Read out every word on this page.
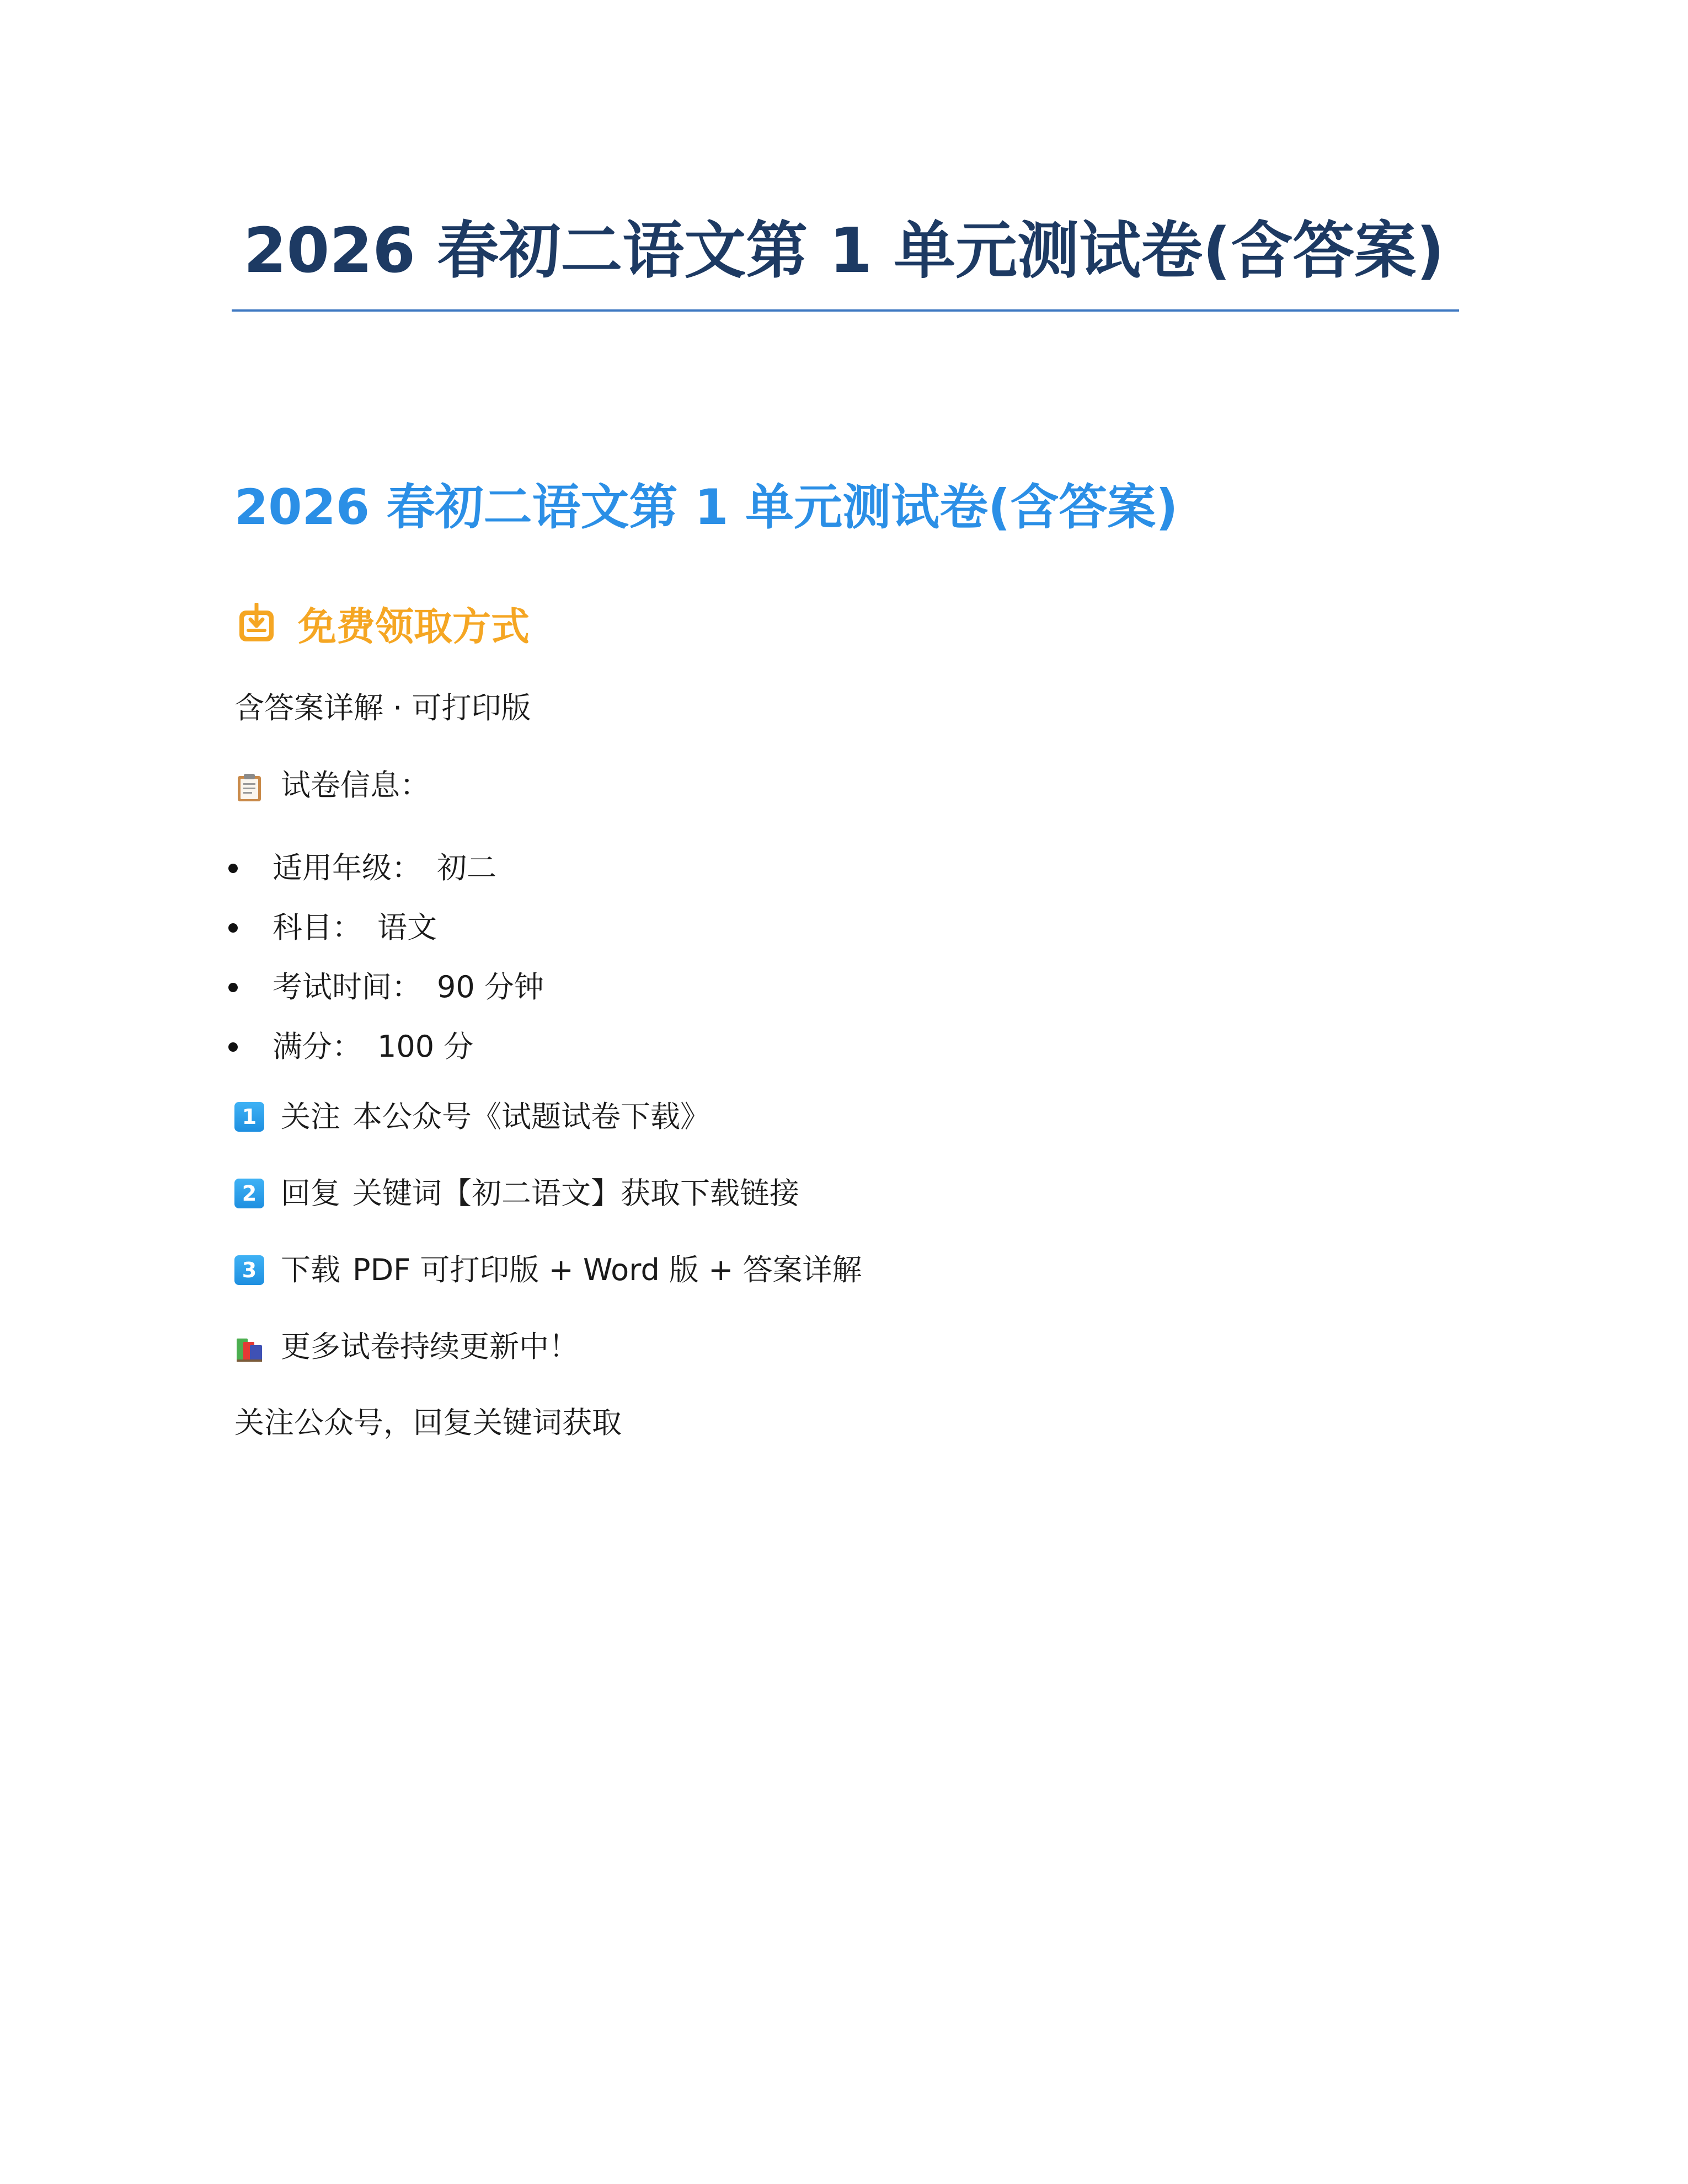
2026 春初二语文第 1 单元测试卷(含答案)
2026 春初二语文第 1 单元测试卷(含答案)
免费领取方式
含答案详解 · 可打印版
试卷信息：
适用年级： 初二
科目： 语文
考试时间： 90 分钟
满分： 100 分
1 关注 本公众号《试题试卷下载》
2 回复 关键词【初二语文】获取下载链接
3 下载 PDF 可打印版 + Word 版 + 答案详解
更多试卷持续更新中！
关注公众号，回复关键词获取
